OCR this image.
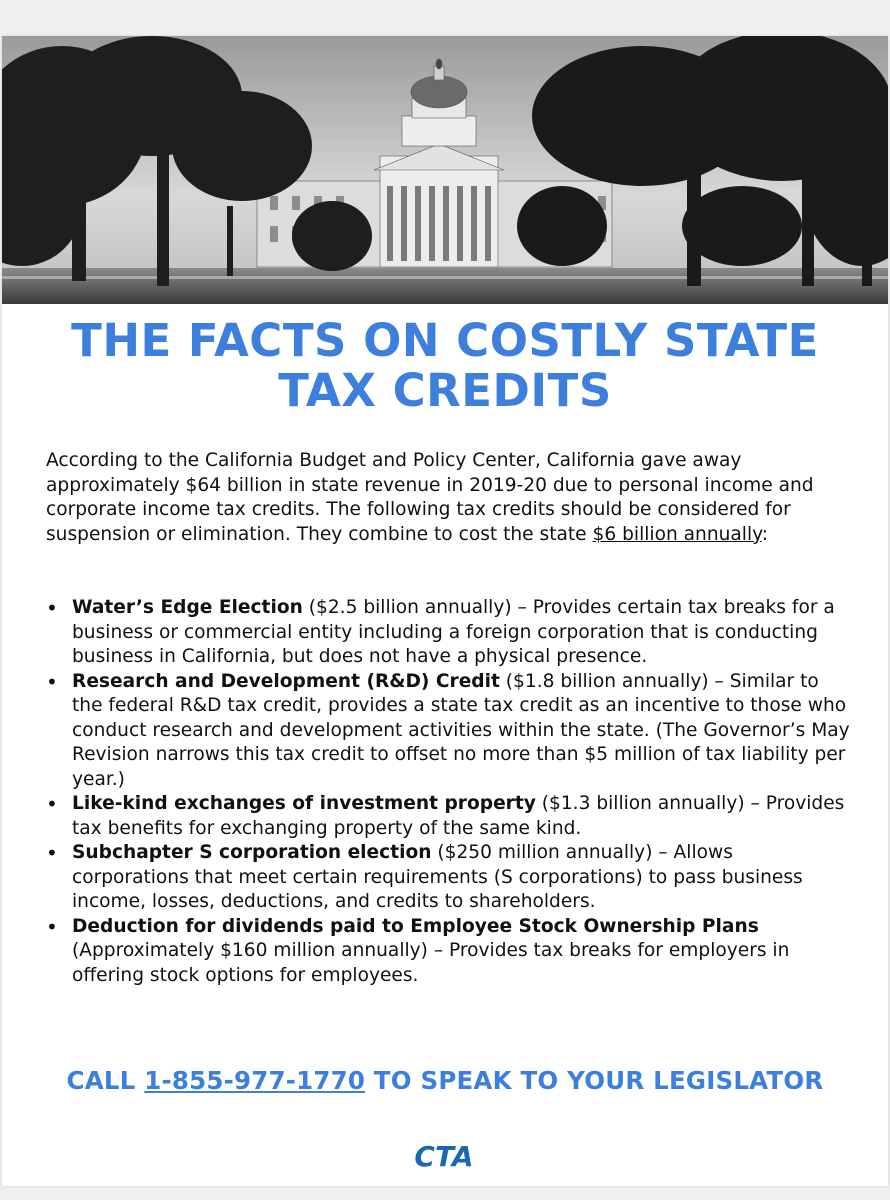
THE FACTS ON COSTLY STATE
TAX CREDITS

According to the California Budget and Policy Center, California gave away approximately $64 billion in state revenue in 2019-20 due to personal income and corporate income tax credits. The following tax credits should be considered for suspension or elimination. They combine to cost the state $6 billion annually:

• Water’s Edge Election ($2.5 billion annually) – Provides certain tax breaks for a business or commercial entity including a foreign corporation that is conducting business in California, but does not have a physical presence.
• Research and Development (R&D) Credit ($1.8 billion annually) – Similar to the federal R&D tax credit, provides a state tax credit as an incentive to those who conduct research and development activities within the state. (The Governor’s May Revision narrows this tax credit to offset no more than $5 million of tax liability per year.)
• Like-kind exchanges of investment property ($1.3 billion annually) – Provides tax benefits for exchanging property of the same kind.
• Subchapter S corporation election ($250 million annually) – Allows corporations that meet certain requirements (S corporations) to pass business income, losses, deductions, and credits to shareholders.
• Deduction for dividends paid to Employee Stock Ownership Plans (Approximately $160 million annually) – Provides tax breaks for employers in offering stock options for employees.

CALL 1-855-977-1770 TO SPEAK TO YOUR LEGISLATOR

CTA
